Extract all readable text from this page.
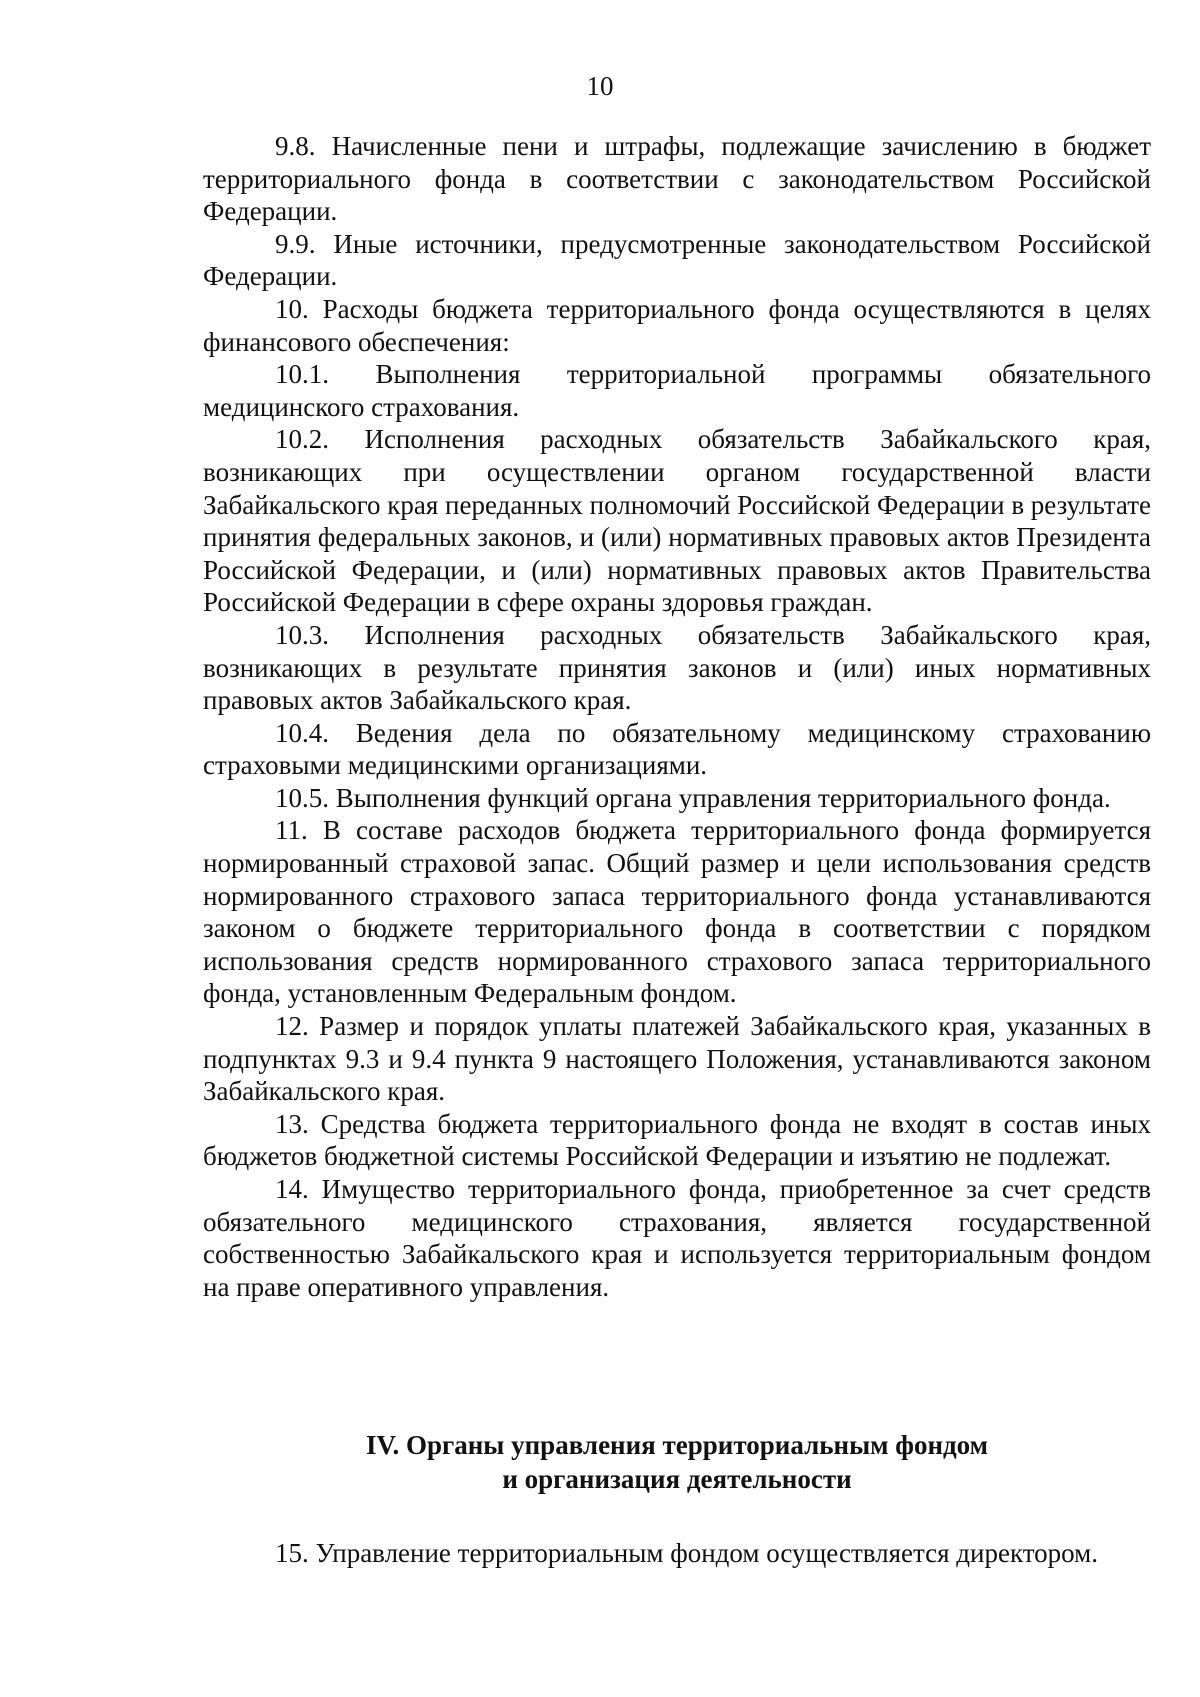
10

9.8. Начисленные пени и штрафы, подлежащие зачислению в бюджет территориального фонда в соответствии с законодательством Российской Федерации.

9.9. Иные источники, предусмотренные законодательством Российской Федерации.

10. Расходы бюджета территориального фонда осуществляются в целях финансового обеспечения:

10.1. Выполнения территориальной программы обязательного медицинского страхования.

10.2. Исполнения расходных обязательств Забайкальского края, возникающих при осуществлении органом государственной власти Забайкальского края переданных полномочий Российской Федерации в результате принятия федеральных законов, и (или) нормативных правовых актов Президента Российской Федерации, и (или) нормативных правовых актов Правительства Российской Федерации в сфере охраны здоровья граждан.

10.3. Исполнения расходных обязательств Забайкальского края, возникающих в результате принятия законов и (или) иных нормативных правовых актов Забайкальского края.

10.4. Ведения дела по обязательному медицинскому страхованию страховыми медицинскими организациями.

10.5. Выполнения функций органа управления территориального фонда.

11. В составе расходов бюджета территориального фонда формируется нормированный страховой запас. Общий размер и цели использования средств нормированного страхового запаса территориального фонда устанавливаются законом о бюджете территориального фонда в соответствии с порядком использования средств нормированного страхового запаса территориального фонда, установленным Федеральным фондом.

12. Размер и порядок уплаты платежей Забайкальского края, указанных в подпунктах 9.3 и 9.4 пункта 9 настоящего Положения, устанавливаются законом Забайкальского края.

13. Средства бюджета территориального фонда не входят в состав иных бюджетов бюджетной системы Российской Федерации и изъятию не подлежат.

14. Имущество территориального фонда, приобретенное за счет средств обязательного медицинского страхования, является государственной собственностью Забайкальского края и используется территориальным фондом на праве оперативного управления.

IV. Органы управления территориальным фондом
и организация деятельности

15. Управление территориальным фондом осуществляется директором.
